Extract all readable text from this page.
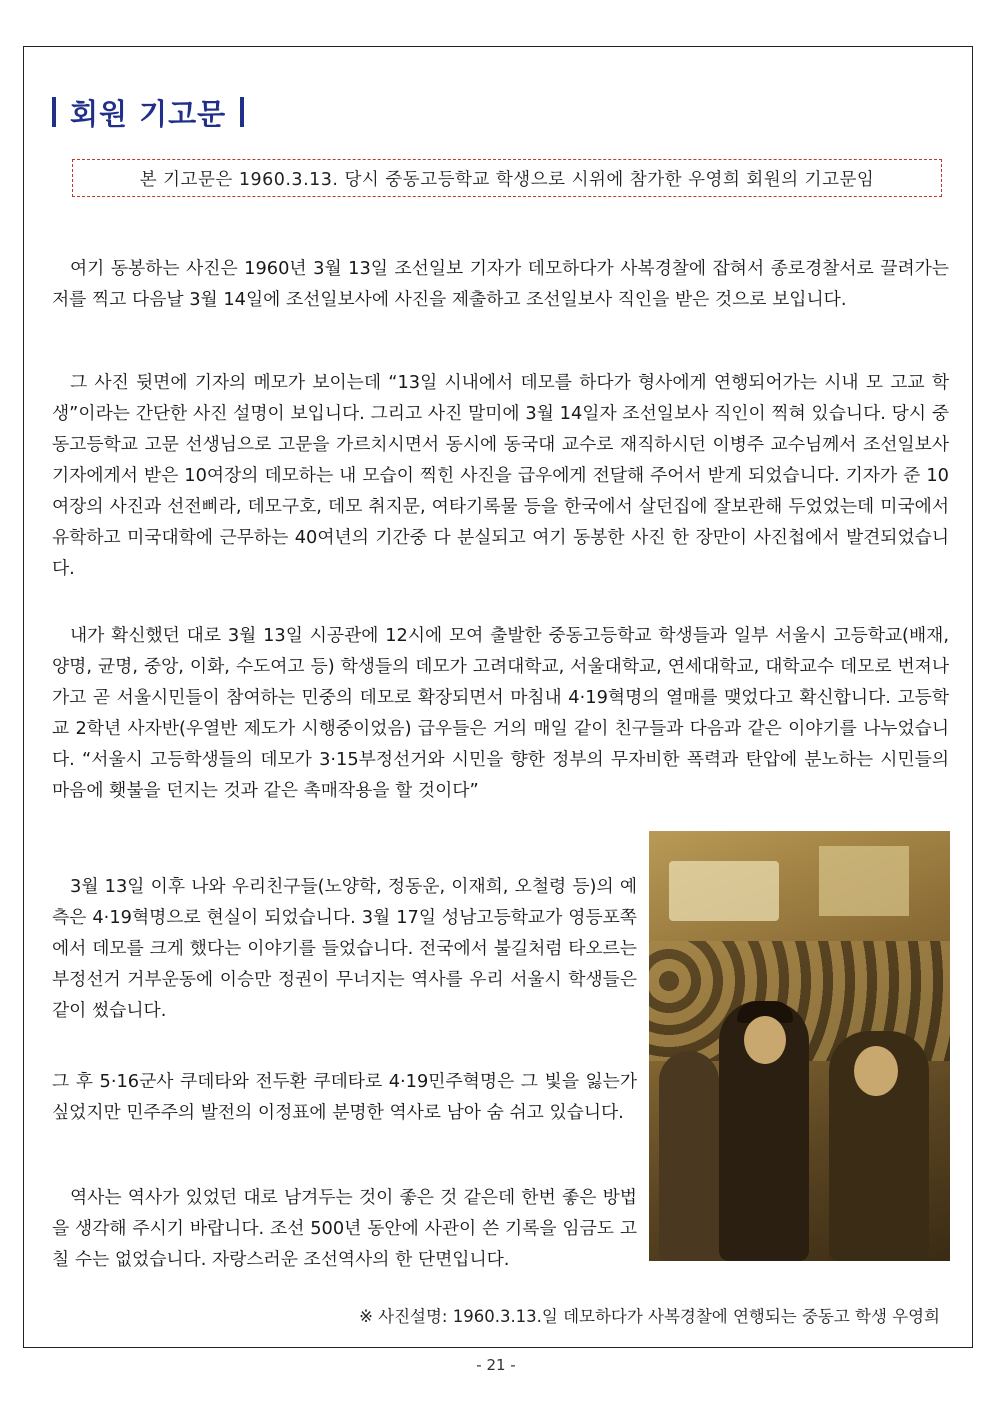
회원 기고문
본 기고문은 1960.3.13. 당시 중동고등학교 학생으로 시위에 참가한 우영희 회원의 기고문임

여기 동봉하는 사진은 1960년 3월 13일 조선일보 기자가 데모하다가 사복경찰에 잡혀서 종로경찰서로 끌려가는 저를 찍고 다음날 3월 14일에 조선일보사에 사진을 제출하고 조선일보사 직인을 받은 것으로 보입니다.

그 사진 뒷면에 기자의 메모가 보이는데 “13일 시내에서 데모를 하다가 형사에게 연행되어가는 시내 모 고교 학생”이라는 간단한 사진 설명이 보입니다. 그리고 사진 말미에 3월 14일자 조선일보사 직인이 찍혀 있습니다. 당시 중동고등학교 고문 선생님으로 고문을 가르치시면서 동시에 동국대 교수로 재직하시던 이병주 교수님께서 조선일보사 기자에게서 받은 10여장의 데모하는 내 모습이 찍힌 사진을 급우에게 전달해 주어서 받게 되었습니다. 기자가 준 10여장의 사진과 선전삐라, 데모구호, 데모 취지문, 여타기록물 등을 한국에서 살던집에 잘보관해 두었었는데 미국에서 유학하고 미국대학에 근무하는 40여년의 기간중 다 분실되고 여기 동봉한 사진 한 장만이 사진첩에서 발견되었습니다.

내가 확신했던 대로 3월 13일 시공관에 12시에 모여 출발한 중동고등학교 학생들과 일부 서울시 고등학교(배재, 양명, 균명, 중앙, 이화, 수도여고 등) 학생들의 데모가 고려대학교, 서울대학교, 연세대학교, 대학교수 데모로 번져나가고 곧 서울시민들이 참여하는 민중의 데모로 확장되면서 마침내 4·19혁명의 열매를 맺었다고 확신합니다. 고등학교 2학년 사자반(우열반 제도가 시행중이었음) 급우들은 거의 매일 같이 친구들과 다음과 같은 이야기를 나누었습니다. “서울시 고등학생들의 데모가 3·15부정선거와 시민을 향한 정부의 무자비한 폭력과 탄압에 분노하는 시민들의 마음에 횃불을 던지는 것과 같은 촉매작용을 할 것이다”

3월 13일 이후 나와 우리친구들(노양학, 정동운, 이재희, 오철령 등)의 예측은 4·19혁명으로 현실이 되었습니다. 3월 17일 성남고등학교가 영등포쪽에서 데모를 크게 했다는 이야기를 들었습니다. 전국에서 불길처럼 타오르는 부정선거 거부운동에 이승만 정권이 무너지는 역사를 우리 서울시 학생들은 같이 썼습니다.

그 후 5·16군사 쿠데타와 전두환 쿠데타로 4·19민주혁명은 그 빛을 잃는가 싶었지만 민주주의 발전의 이정표에 분명한 역사로 남아 숨 쉬고 있습니다.

역사는 역사가 있었던 대로 남겨두는 것이 좋은 것 같은데 한번 좋은 방법을 생각해 주시기 바랍니다. 조선 500년 동안에 사관이 쓴 기록을 임금도 고칠 수는 없었습니다. 자랑스러운 조선역사의 한 단면입니다.

※ 사진설명: 1960.3.13.일 데모하다가 사복경찰에 연행되는 중동고 학생 우영희
- 21 -
